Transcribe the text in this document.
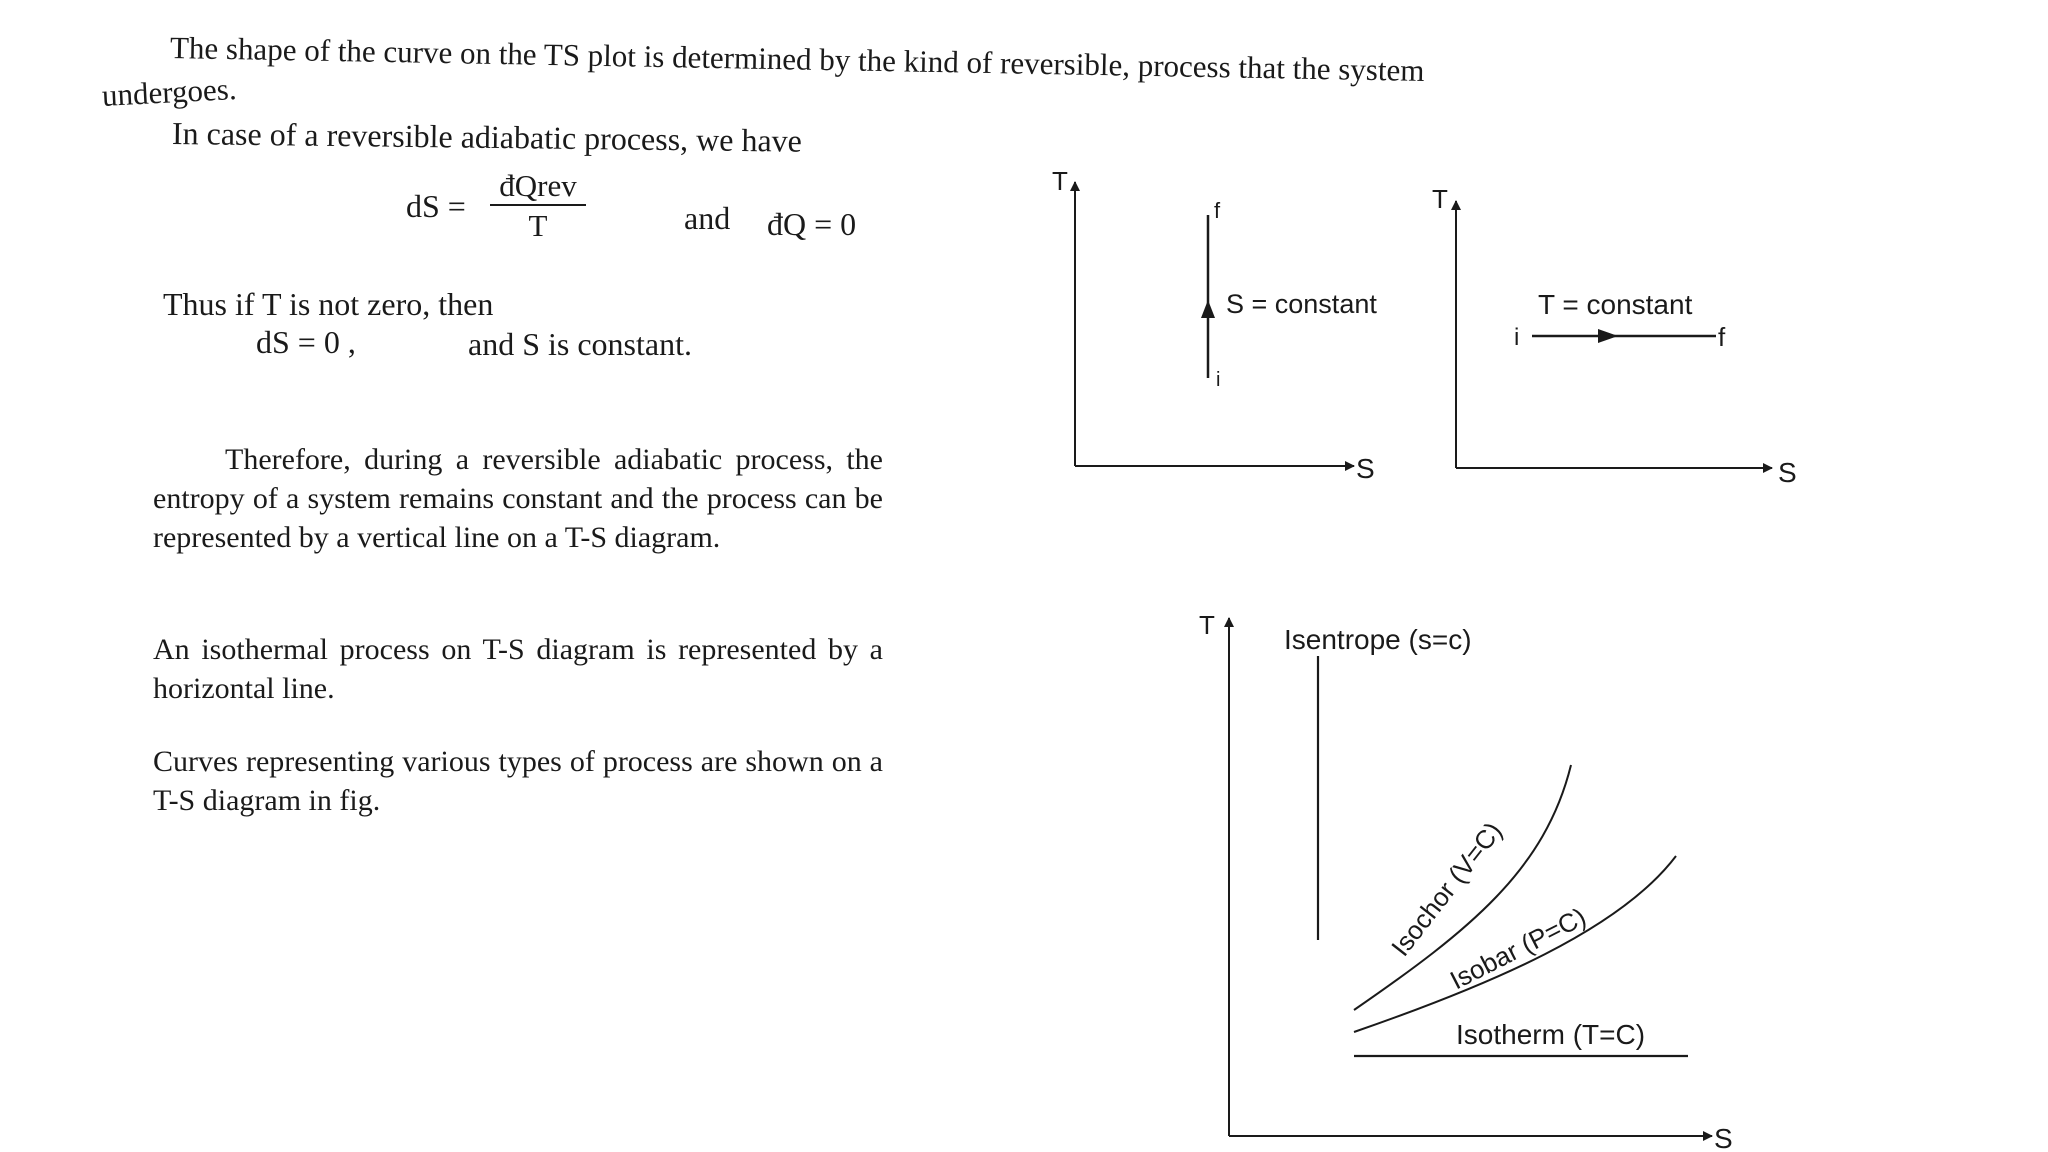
The shape of the curve on the TS plot is determined by the kind of reversible, process that the system
undergoes.
In case of a reversible adiabatic process, we have
dS =
đQrev
T	and đQ = 0
Thus if T is not zero, then
dS = 0 ,	and S is constant.

Therefore, during a reversible adiabatic process, the entropy of a system remains constant and the process can be represented by a vertical line on a T-S diagram.

An isothermal process on T-S diagram is represented by a horizontal line.

Curves representing various types of process are shown on a T-S diagram in fig.

T
S
f
i
S = constant
T
S
i	f
T = constant
T
S
Isentrope (s=c)
Isochor (V=C)
Isobar (P=C)
Isotherm (T=C)
